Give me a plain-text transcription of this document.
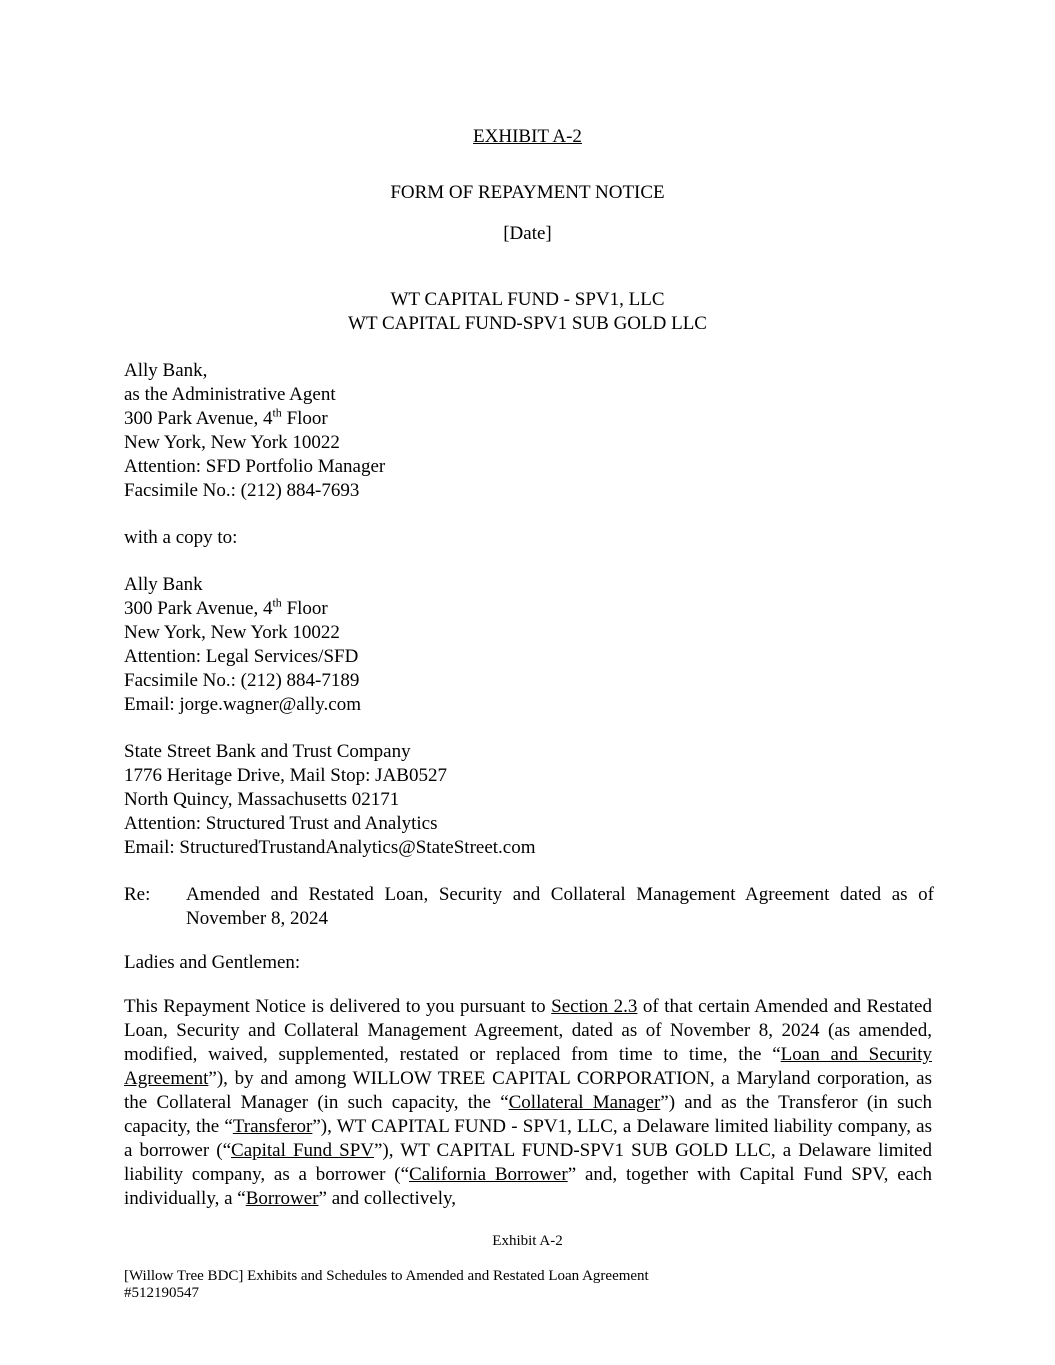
EXHIBIT A-2
FORM OF REPAYMENT NOTICE
[Date]
WT CAPITAL FUND - SPV1, LLC
WT CAPITAL FUND-SPV1 SUB GOLD LLC
Ally Bank,
as the Administrative Agent
300 Park Avenue, 4th Floor
New York, New York 10022
Attention: SFD Portfolio Manager
Facsimile No.: (212) 884-7693
with a copy to:
Ally Bank
300 Park Avenue, 4th Floor
New York, New York 10022
Attention: Legal Services/SFD
Facsimile No.: (212) 884-7189
Email: jorge.wagner@ally.com
State Street Bank and Trust Company
1776 Heritage Drive, Mail Stop: JAB0527
North Quincy, Massachusetts 02171
Attention: Structured Trust and Analytics
Email: StructuredTrustandAnalytics@StateStreet.com
Re: Amended and Restated Loan, Security and Collateral Management Agreement dated as of November 8, 2024
Ladies and Gentlemen:
This Repayment Notice is delivered to you pursuant to Section 2.3 of that certain Amended and Restated Loan, Security and Collateral Management Agreement, dated as of November 8, 2024 (as amended, modified, waived, supplemented, restated or replaced from time to time, the “Loan and Security Agreement”), by and among WILLOW TREE CAPITAL CORPORATION, a Maryland corporation, as the Collateral Manager (in such capacity, the “Collateral Manager”) and as the Transferor (in such capacity, the “Transferor”), WT CAPITAL FUND - SPV1, LLC, a Delaware limited liability company, as a borrower (“Capital Fund SPV”), WT CAPITAL FUND-SPV1 SUB GOLD LLC, a Delaware limited liability company, as a borrower (“California Borrower” and, together with Capital Fund SPV, each individually, a “Borrower” and collectively,
Exhibit A-2
[Willow Tree BDC] Exhibits and Schedules to Amended and Restated Loan Agreement
#512190547
